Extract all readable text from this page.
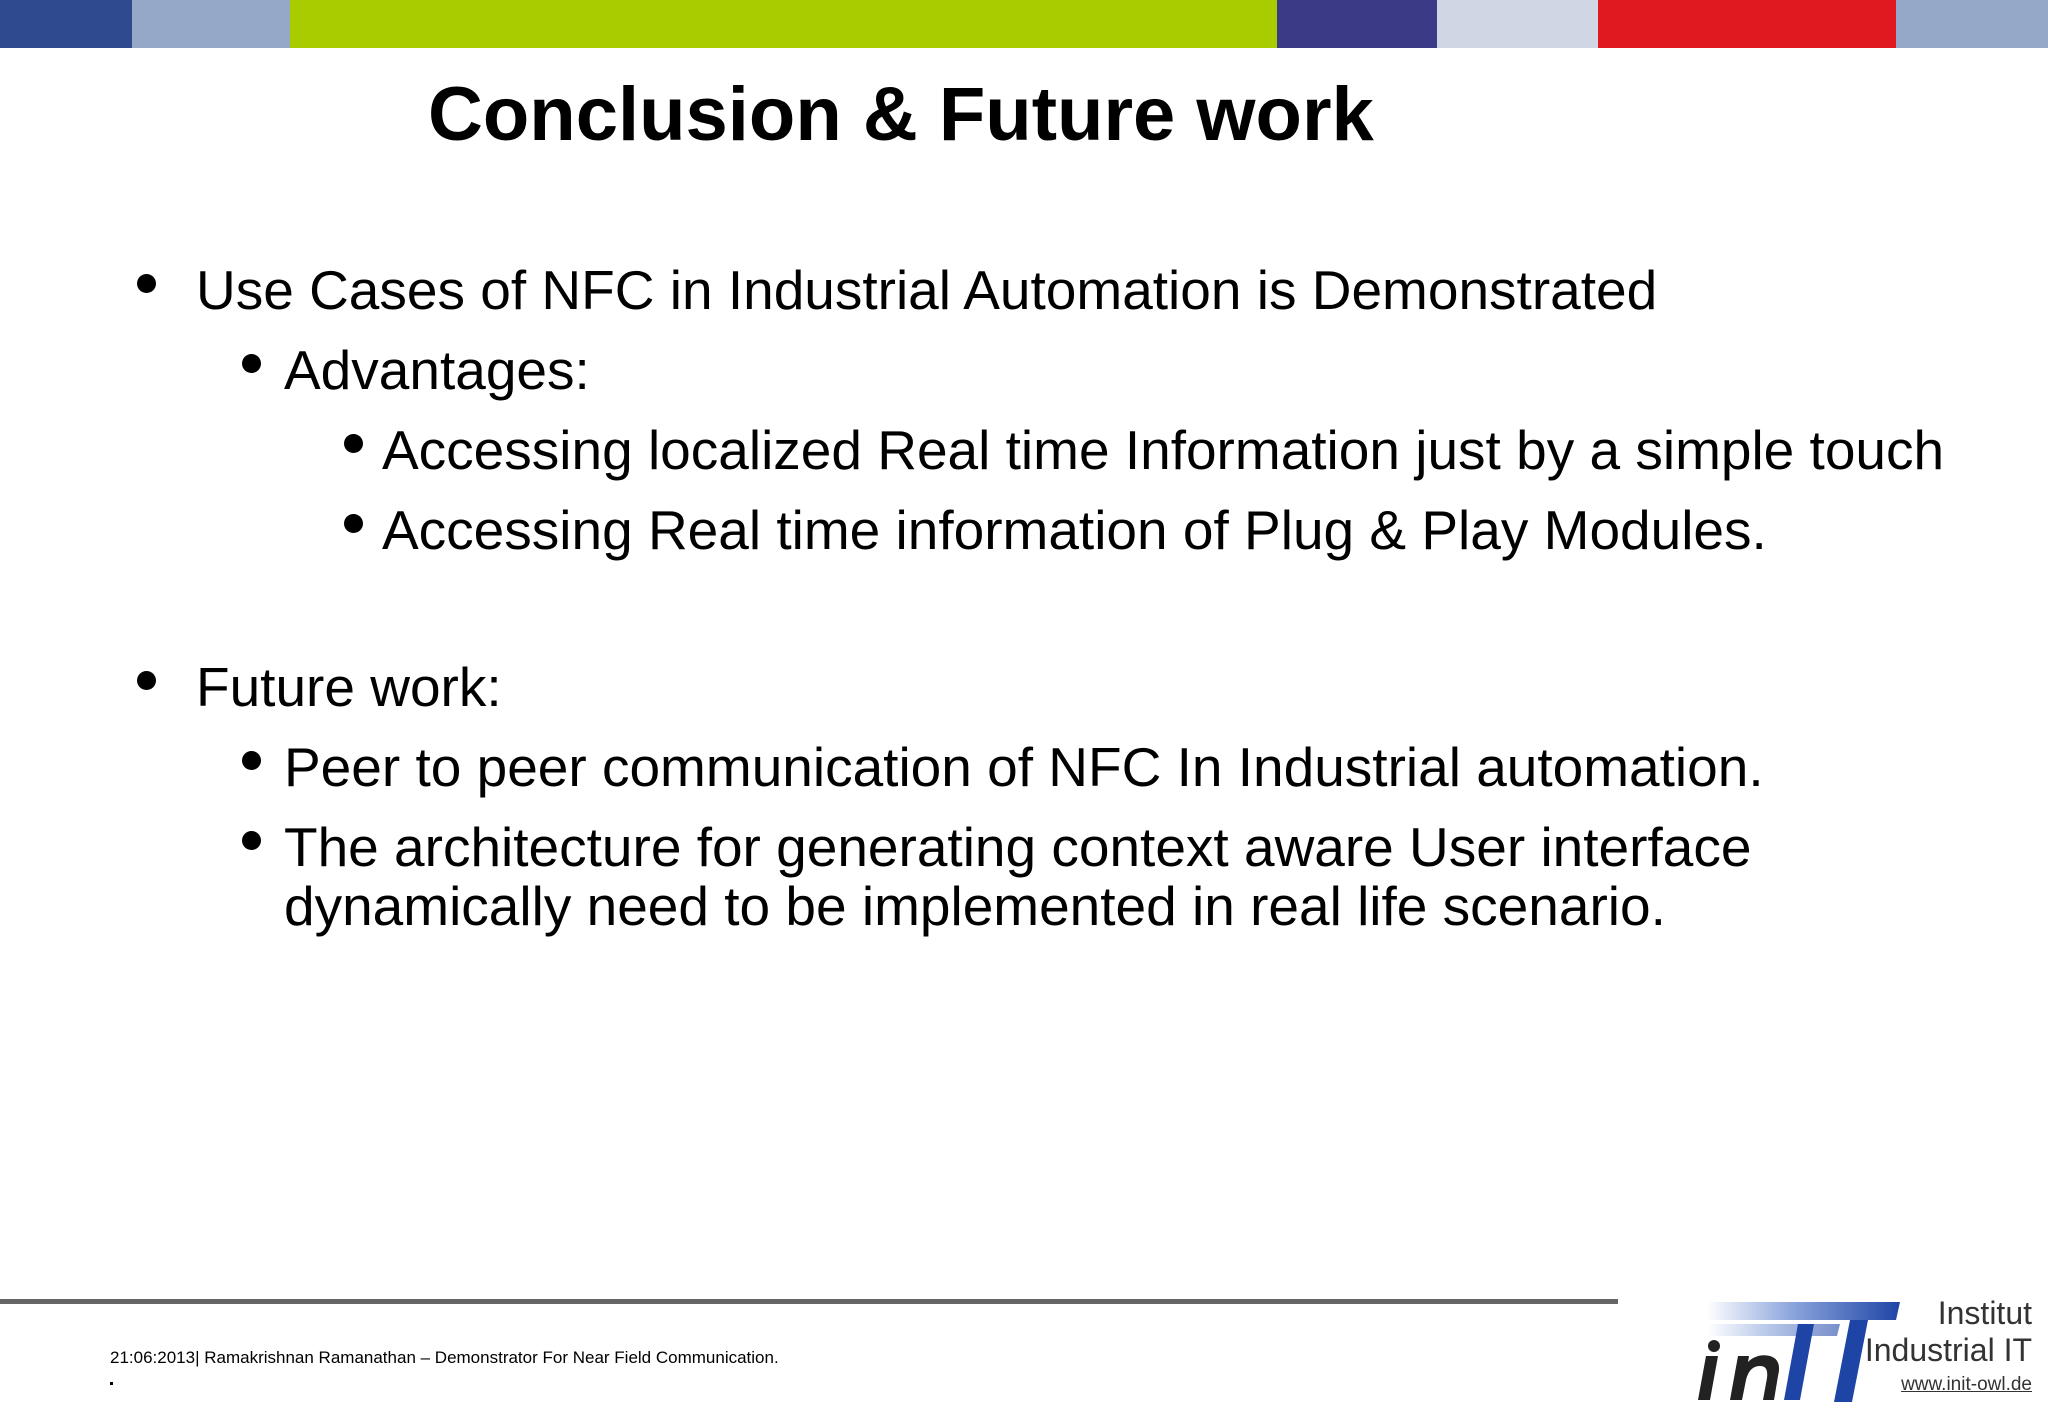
Conclusion & Future work
Use Cases of NFC in Industrial Automation is Demonstrated
Advantages:
Accessing localized Real time Information just by a simple touch
Accessing Real time information of Plug & Play Modules.
Future work:
Peer to peer communication of NFC In Industrial automation.
The architecture for generating context aware User interface
dynamically need to be implemented in real life scenario.
21:06:2013| Ramakrishnan Ramanathan – Demonstrator For Near Field Communication.
Institut
Industrial IT
www.init-owl.de
